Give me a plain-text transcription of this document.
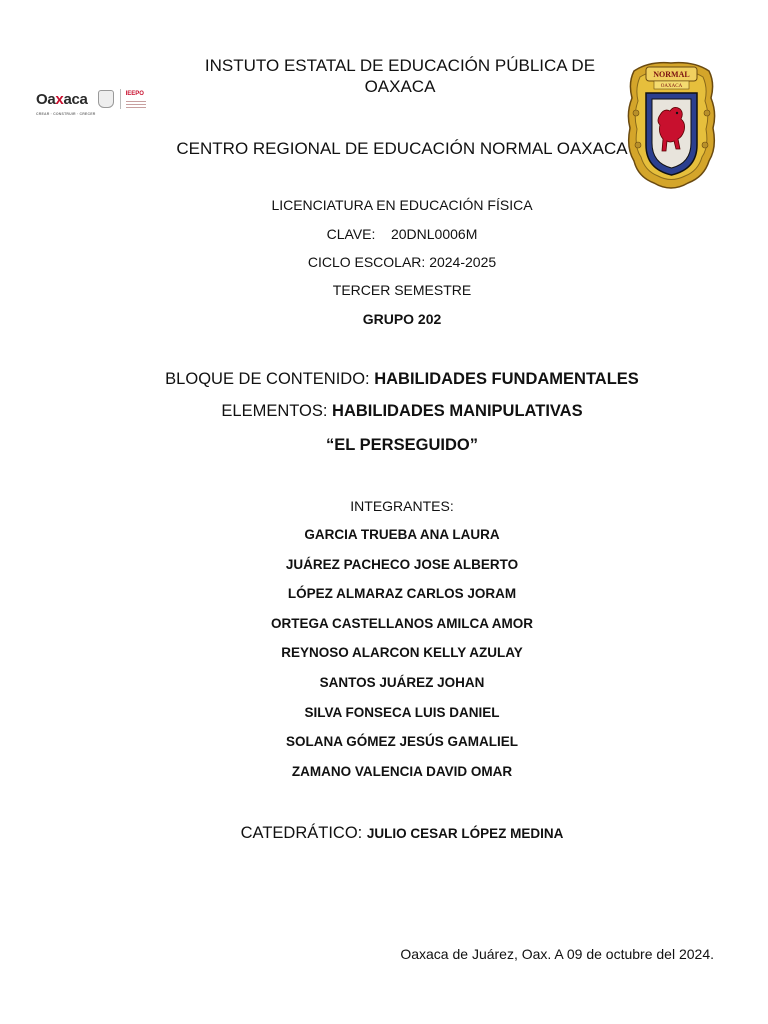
INSTUTO ESTATAL DE EDUCACIÓN PÚBLICA DE
OAXACA
Oaxaca
CREAR · CONSTRUIR · CRECER
IEEPO
NORMAL
OAXACA
CENTRO REGIONAL DE EDUCACIÓN NORMAL OAXACA
LICENCIATURA EN EDUCACIÓN FÍSICA
CLAVE: 20DNL0006M
CICLO ESCOLAR: 2024-2025
TERCER SEMESTRE
GRUPO 202
BLOQUE DE CONTENIDO: HABILIDADES FUNDAMENTALES
ELEMENTOS: HABILIDADES MANIPULATIVAS
“EL PERSEGUIDO”
INTEGRANTES:
GARCIA TRUEBA ANA LAURA
JUÁREZ PACHECO JOSE ALBERTO
LÓPEZ ALMARAZ CARLOS JORAM
ORTEGA CASTELLANOS AMILCA AMOR
REYNOSO ALARCON KELLY AZULAY
SANTOS JUÁREZ JOHAN
SILVA FONSECA LUIS DANIEL
SOLANA GÓMEZ JESÚS GAMALIEL
ZAMANO VALENCIA DAVID OMAR
CATEDRÁTICO: JULIO CESAR LÓPEZ MEDINA
Oaxaca de Juárez, Oax. A 09 de octubre del 2024.
